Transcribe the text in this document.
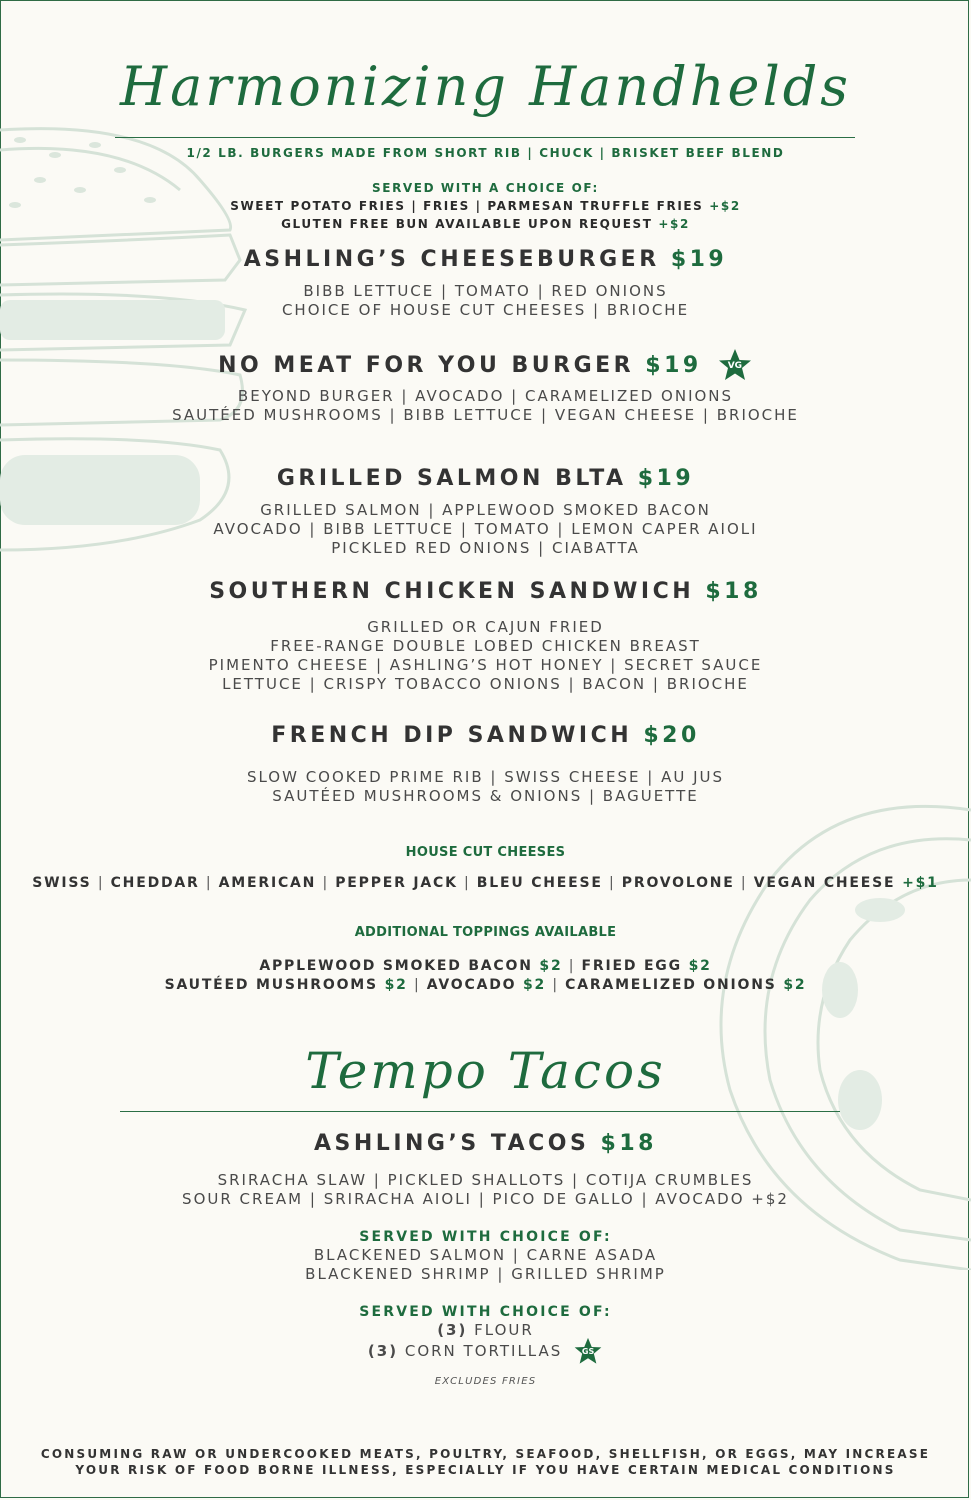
Harmonizing Handhelds
1/2 LB. BURGERS MADE FROM SHORT RIB | CHUCK | BRISKET BEEF BLEND
SERVED WITH A CHOICE OF:
SWEET POTATO FRIES | FRIES | PARMESAN TRUFFLE FRIES +$2
GLUTEN FREE BUN AVAILABLE UPON REQUEST +$2
ASHLING’S CHEESEBURGER $19
BIBB LETTUCE | TOMATO | RED ONIONS
CHOICE OF HOUSE CUT CHEESES | BRIOCHE
NO MEAT FOR YOU BURGER $19	VG
BEYOND BURGER | AVOCADO | CARAMELIZED ONIONS
SAUTÉED MUSHROOMS | BIBB LETTUCE | VEGAN CHEESE | BRIOCHE
GRILLED SALMON BLTA $19
GRILLED SALMON | APPLEWOOD SMOKED BACON
AVOCADO | BIBB LETTUCE | TOMATO | LEMON CAPER AIOLI
PICKLED RED ONIONS | CIABATTA
SOUTHERN CHICKEN SANDWICH $18
GRILLED OR CAJUN FRIED
FREE-RANGE DOUBLE LOBED CHICKEN BREAST
PIMENTO CHEESE | ASHLING’S HOT HONEY | SECRET SAUCE
LETTUCE | CRISPY TOBACCO ONIONS | BACON | BRIOCHE
FRENCH DIP SANDWICH $20
SLOW COOKED PRIME RIB | SWISS CHEESE | AU JUS
SAUTÉED MUSHROOMS & ONIONS | BAGUETTE
HOUSE CUT CHEESES
SWISS | CHEDDAR | AMERICAN | PEPPER JACK | BLEU CHEESE | PROVOLONE | VEGAN CHEESE +$1
ADDITIONAL TOPPINGS AVAILABLE
APPLEWOOD SMOKED BACON $2 | FRIED EGG $2
SAUTÉED MUSHROOMS $2 | AVOCADO $2 | CARAMELIZED ONIONS $2
Tempo Tacos
ASHLING’S TACOS $18
SRIRACHA SLAW | PICKLED SHALLOTS | COTIJA CRUMBLES
SOUR CREAM | SRIRACHA AIOLI | PICO DE GALLO | AVOCADO +$2
SERVED WITH CHOICE OF:
BLACKENED SALMON | CARNE ASADA
BLACKENED SHRIMP | GRILLED SHRIMP
SERVED WITH CHOICE OF:
(3) FLOUR
(3) CORN TORTILLAS	GS
EXCLUDES FRIES
CONSUMING RAW OR UNDERCOOKED MEATS, POULTRY, SEAFOOD, SHELLFISH, OR EGGS, MAY INCREASE
YOUR RISK OF FOOD BORNE ILLNESS, ESPECIALLY IF YOU HAVE CERTAIN MEDICAL CONDITIONS
